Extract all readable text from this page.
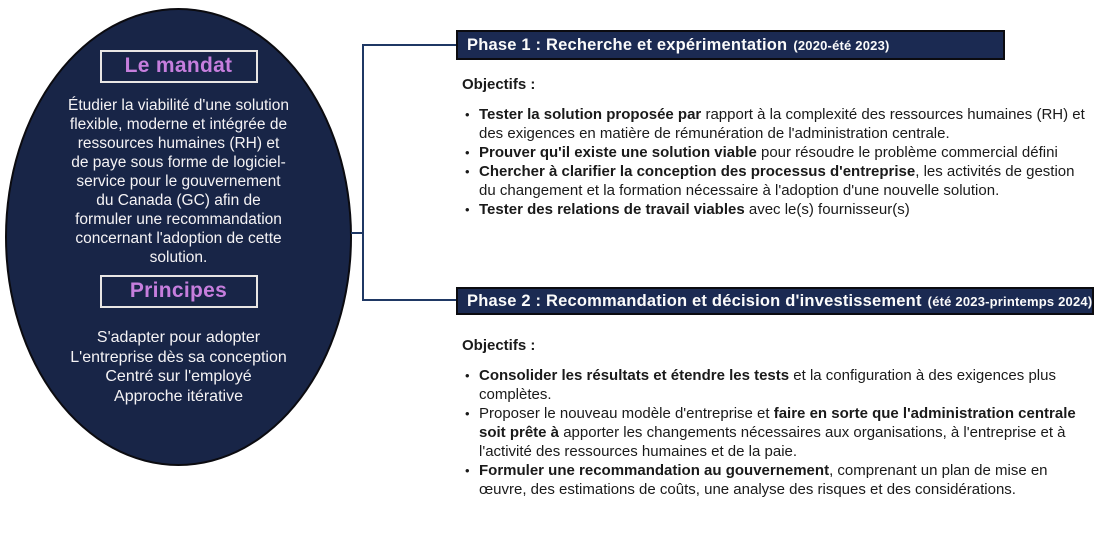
Le mandat
Étudier la viabilité d'une solution
flexible, moderne et intégrée de
ressources humaines (RH) et
de paye sous forme de logiciel-
service pour le gouvernement
du Canada (GC) afin de
formuler une recommandation
concernant l'adoption de cette
solution.
Principes
S'adapter pour adopter
L'entreprise dès sa conception
Centré sur l'employé
Approche itérative
Phase 1 : Recherche et expérimentation (2020-été 2023)
Objectifs :
• Tester la solution proposée par rapport à la complexité des ressources humaines (RH) et des exigences en matière de rémunération de l'administration centrale.
• Prouver qu'il existe une solution viable pour résoudre le problème commercial défini
• Chercher à clarifier la conception des processus d'entreprise, les activités de gestion du changement et la formation nécessaire à l'adoption d'une nouvelle solution.
• Tester des relations de travail viables avec le(s) fournisseur(s)
Phase 2 : Recommandation et décision d'investissement (été 2023-printemps 2024)
Objectifs :
• Consolider les résultats et étendre les tests et la configuration à des exigences plus complètes.
• Proposer le nouveau modèle d'entreprise et faire en sorte que l'administration centrale soit prête à apporter les changements nécessaires aux organisations, à l'entreprise et à l'activité des ressources humaines et de la paie.
• Formuler une recommandation au gouvernement, comprenant un plan de mise en œuvre, des estimations de coûts, une analyse des risques et des considérations.
